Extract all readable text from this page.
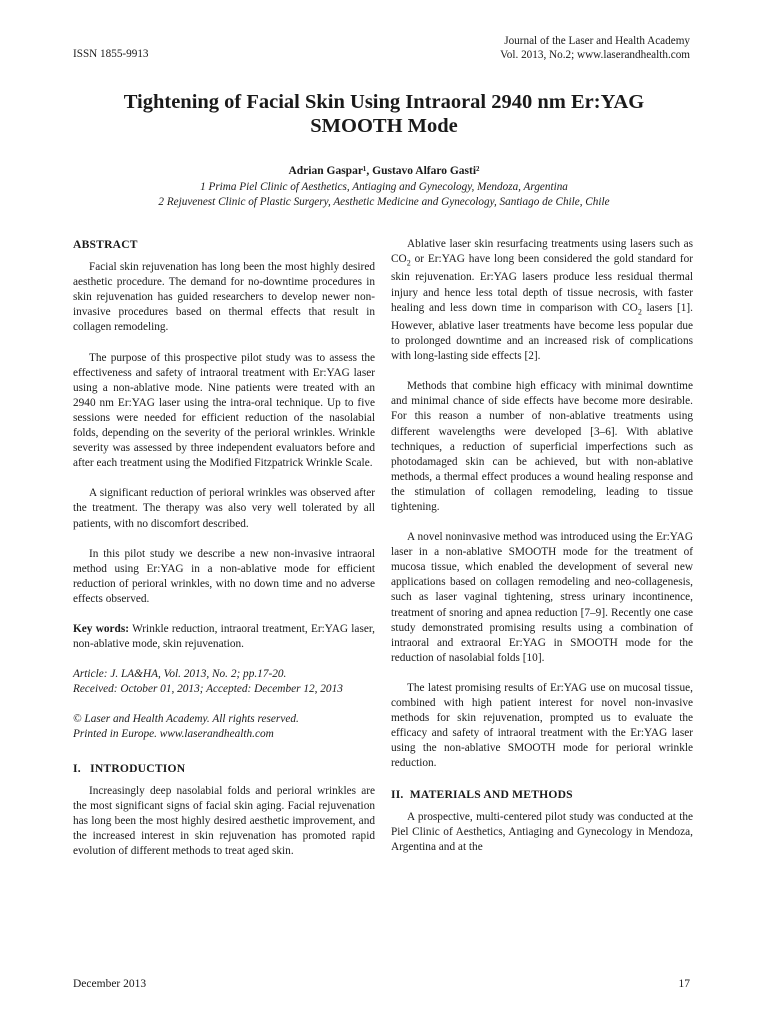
Journal of the Laser and Health Academy
Vol. 2013, No.2; www.laserandhealth.com
ISSN 1855-9913
Tightening of Facial Skin Using Intraoral 2940 nm Er:YAG
SMOOTH Mode
Adrian Gaspar¹, Gustavo Alfaro Gasti²
1 Prima Piel Clinic of Aesthetics, Antiaging and Gynecology, Mendoza, Argentina
2 Rejuvenest Clinic of Plastic Surgery, Aesthetic Medicine and Gynecology, Santiago de Chile, Chile
ABSTRACT

Facial skin rejuvenation has long been the most highly desired aesthetic procedure. The demand for no-downtime procedures in skin rejuvenation has guided researchers to develop newer non-invasive procedures based on thermal effects that result in collagen remodeling.

The purpose of this prospective pilot study was to assess the effectiveness and safety of intraoral treatment with Er:YAG laser using a non-ablative mode. Nine patients were treated with an 2940 nm Er:YAG laser using the intra-oral technique. Up to five sessions were needed for efficient reduction of the nasolabial folds, depending on the severity of the perioral wrinkles. Wrinkle severity was assessed by three independent evaluators before and after each treatment using the Modified Fitzpatrick Wrinkle Scale.

A significant reduction of perioral wrinkles was observed after the treatment. The therapy was also very well tolerated by all patients, with no discomfort described.

In this pilot study we describe a new non-invasive intraoral method using Er:YAG in a non-ablative mode for efficient reduction of perioral wrinkles, with no down time and no adverse effects observed.

Key words: Wrinkle reduction, intraoral treatment, Er:YAG laser, non-ablative mode, skin rejuvenation.

Article: J. LA&HA, Vol. 2013, No. 2; pp.17-20.

Received: October 01, 2013; Accepted: December 12, 2013

© Laser and Health Academy. All rights reserved.

Printed in Europe. www.laserandhealth.com

I.   INTRODUCTION

Increasingly deep nasolabial folds and perioral wrinkles are the most significant signs of facial skin aging. Facial rejuvenation has long been the most highly desired aesthetic improvement, and the increased interest in skin rejuvenation has promoted rapid evolution of different methods to treat aged skin.

Ablative laser skin resurfacing treatments using lasers such as $CO_2$ or Er:YAG have long been considered the gold standard for skin rejuvenation. Er:YAG lasers produce less residual thermal injury and hence less total depth of tissue necrosis, with faster healing and less down time in comparison with $CO_2$ lasers [1]. However, ablative laser treatments have become less popular due to prolonged downtime and an increased risk of complications with long-lasting side effects [2].

Methods that combine high efficacy with minimal downtime and minimal chance of side effects have become more desirable. For this reason a number of non-ablative treatments using different wavelengths were developed [3–6]. With ablative techniques, a reduction of superficial imperfections such as photodamaged skin can be achieved, but with non-ablative methods, a thermal effect produces a wound healing response and the stimulation of collagen remodeling, leading to tissue tightening.

A novel noninvasive method was introduced using the Er:YAG laser in a non-ablative SMOOTH mode for the treatment of mucosa tissue, which enabled the development of several new applications based on collagen remodeling and neo-collagenesis, such as laser vaginal tightening, stress urinary incontinence, treatment of snoring and apnea reduction [7–9]. Recently one case study demonstrated promising results using a combination of intraoral and extraoral Er:YAG in SMOOTH mode for the reduction of nasolabial folds [10].

The latest promising results of Er:YAG use on mucosal tissue, combined with high patient interest for novel non-invasive methods for skin rejuvenation, prompted us to evaluate the efficacy and safety of intraoral treatment with the Er:YAG laser using the non-ablative SMOOTH mode for perioral wrinkle reduction.

II.  MATERIALS AND METHODS

A prospective, multi-centered pilot study was conducted at the Piel Clinic of Aesthetics, Antiaging and Gynecology in Mendoza, Argentina and at the

December 2013	17
